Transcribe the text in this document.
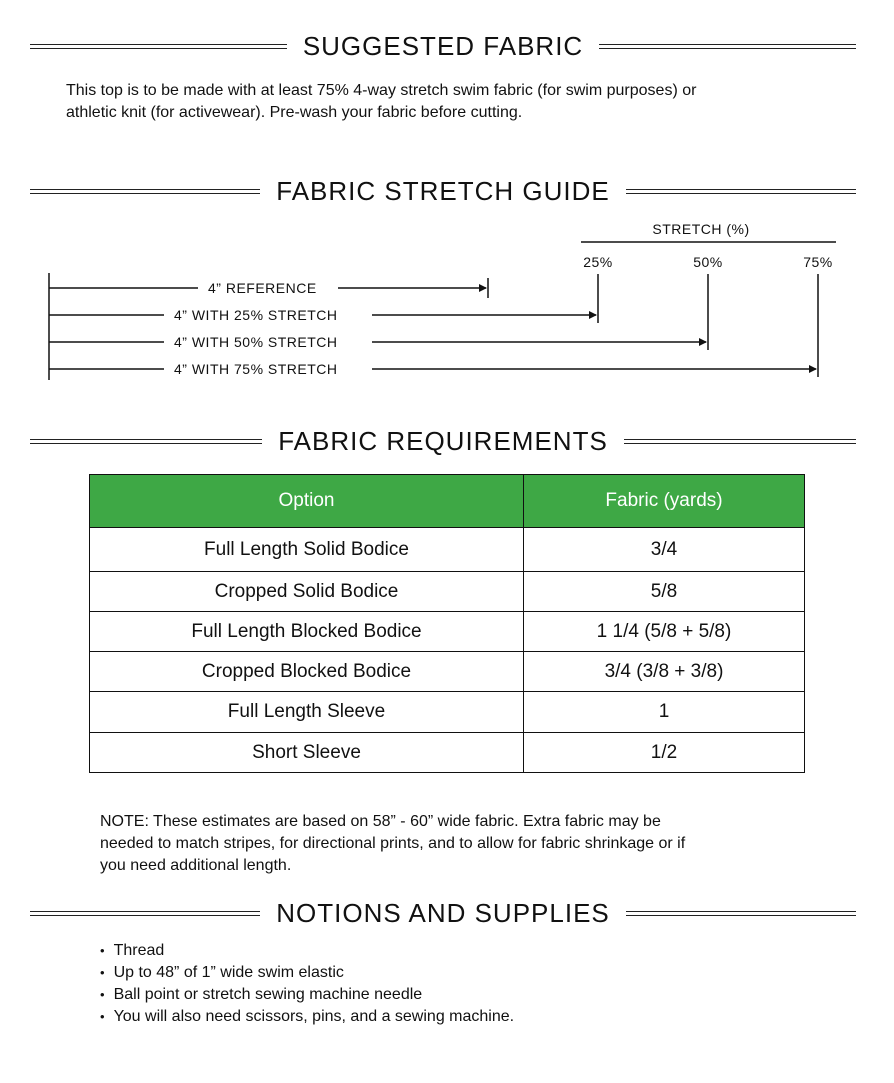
SUGGESTED FABRIC
This top is to be made with at least 75% 4-way stretch swim fabric (for swim purposes) or
athletic knit (for activewear). Pre-wash your fabric before cutting.
FABRIC STRETCH GUIDE
STRETCH (%)
25%	50%	75%
4” REFERENCE
4” WITH 25% STRETCH
4” WITH 50% STRETCH
4” WITH 75% STRETCH
FABRIC REQUIREMENTS
Option	Fabric (yards)
Full Length Solid Bodice	3/4
Cropped Solid Bodice	5/8
Full Length Blocked Bodice	1 1/4 (5/8 + 5/8)
Cropped Blocked Bodice	3/4 (3/8 + 3/8)
Full Length Sleeve	1
Short Sleeve	1/2
NOTE: These estimates are based on 58” - 60” wide fabric. Extra fabric may be
needed to match stripes, for directional prints, and to allow for fabric shrinkage or if
you need additional length.
NOTIONS AND SUPPLIES
• Thread
• Up to 48” of 1” wide swim elastic
• Ball point or stretch sewing machine needle
• You will also need scissors, pins, and a sewing machine.
